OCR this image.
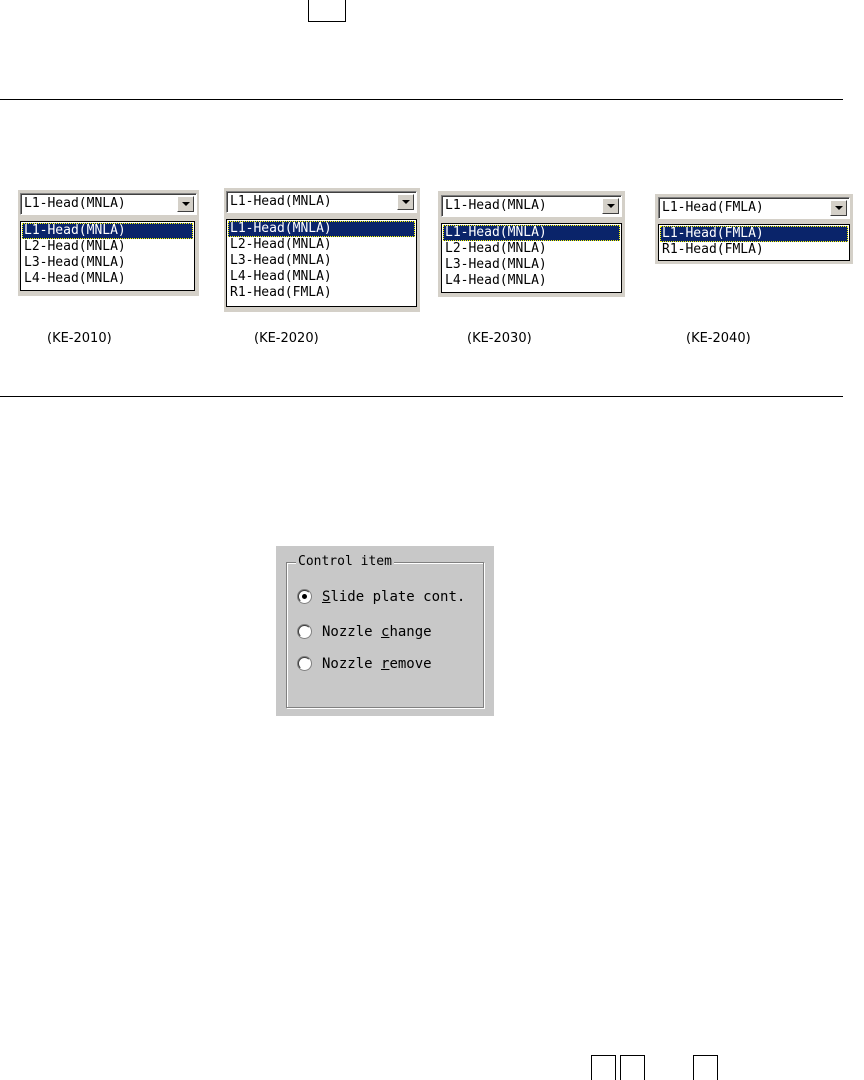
L1-Head(MNLA)
L1-Head(MNLA)
L2-Head(MNLA)
L3-Head(MNLA)
L4-Head(MNLA)
(KE-2010)
L1-Head(MNLA)
L1-Head(MNLA)
L2-Head(MNLA)
L3-Head(MNLA)
L4-Head(MNLA)
R1-Head(FMLA)
(KE-2020)
L1-Head(MNLA)
L1-Head(MNLA)
L2-Head(MNLA)
L3-Head(MNLA)
L4-Head(MNLA)
(KE-2030)
L1-Head(FMLA)
L1-Head(FMLA)
R1-Head(FMLA)
(KE-2040)
Control item
Slide plate cont.
Nozzle change
Nozzle remove
